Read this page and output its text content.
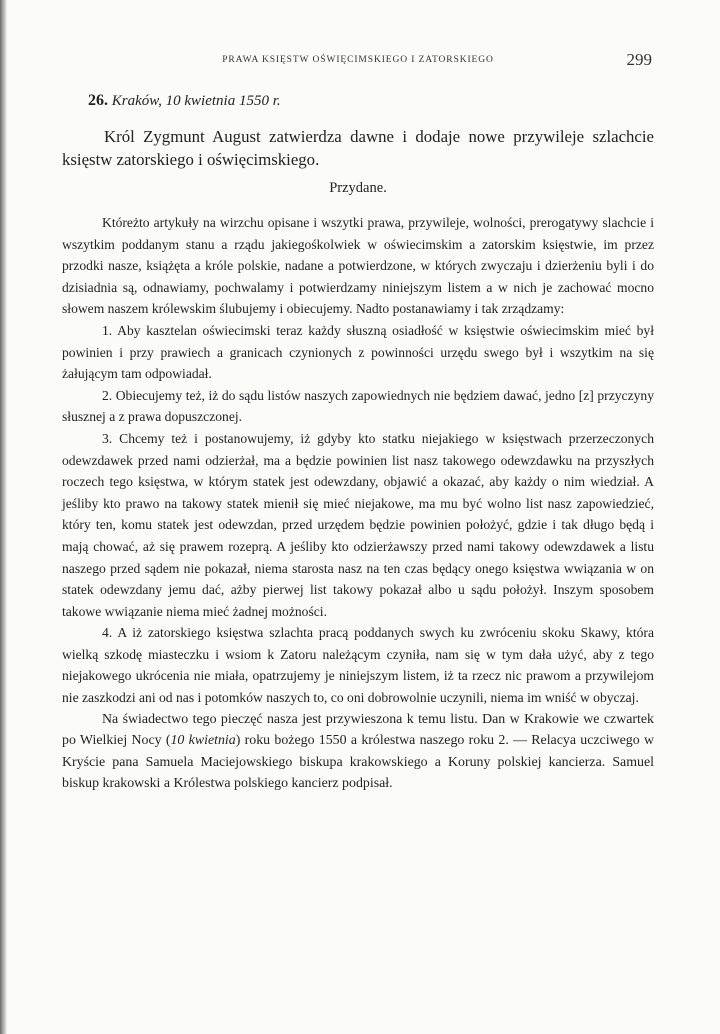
PRAWA KSIĘSTW OŚWIĘCIMSKIEGO I ZATORSKIEGO	299
26. Kraków, 10 kwietnia 1550 r.

Król Zygmunt August zatwierdza dawne i dodaje nowe przywileje szlachcie księstw zatorskiego i oświęcimskiego.

Przydane.

Któreżto artykuły na wirzchu opisane i wszytki prawa, przywileje, wolności, prerogatywy slachcie i wszytkim poddanym stanu a rządu jakiegośkolwiek w oświecimskim a zatorskim księstwie, im przez przodki nasze, książęta a króle polskie, nadane a potwierdzone, w których zwyczaju i dzierżeniu byli i do dzisiadnia są, odnawiamy, pochwalamy i potwierdzamy niniejszym listem a w nich je zachować mocno słowem naszem królewskim ślubujemy i obiecujemy. Nadto postanawiamy i tak zrządzamy:

1. Aby kasztelan oświecimski teraz każdy słuszną osiadłość w księstwie oświecimskim mieć był powinien i przy prawiech a granicach czynionych z powinności urzędu swego był i wszytkim na się żałującym tam odpowiadał.

2. Obiecujemy też, iż do sądu listów naszych zapowiednych nie będziem dawać, jedno [z] przyczyny słusznej a z prawa dopuszczonej.

3. Chcemy też i postanowujemy, iż gdyby kto statku niejakiego w księstwach przerzeczonych odewzdawek przed nami odzierżał, ma a będzie powinien list nasz takowego odewzdawku na przyszłych roczech tego księstwa, w którym statek jest odewzdany, objawić a okazać, aby każdy o nim wiedział. A jeśliby kto prawo na takowy statek mienił się mieć niejakowe, ma mu być wolno list nasz zapowiedzieć, który ten, komu statek jest odewzdan, przed urzędem będzie powinien położyć, gdzie i tak długo będą i mają chować, aż się prawem rozeprą. A jeśliby kto odzierżawszy przed nami takowy odewzdawek a listu naszego przed sądem nie pokazał, niema starosta nasz na ten czas będący onego księstwa wwiązania w on statek odewzdany jemu dać, ażby pierwej list takowy pokazał albo u sądu położył. Inszym sposobem takowe wwiązanie niema mieć żadnej możności.

4. A iż zatorskiego księstwa szlachta pracą poddanych swych ku zwróceniu skoku Skawy, która wielką szkodę miasteczku i wsiom k Zatoru należącym czyniła, nam się w tym dała użyć, aby z tego niejakowego ukrócenia nie miała, opatrzujemy je niniejszym listem, iż ta rzecz nic prawom a przywilejom nie zaszkodzi ani od nas i potomków naszych to, co oni dobrowolnie uczynili, niema im wniść w obyczaj.

Na świadectwo tego pieczęć nasza jest przywieszona k temu listu. Dan w Krakowie we czwartek po Wielkiej Nocy (10 kwietnia) roku bożego 1550 a królestwa naszego roku 2. — Relacya uczciwego w Kryście pana Samuela Maciejowskiego biskupa krakowskiego a Koruny polskiej kancierza. Samuel biskup krakowski a Królestwa polskiego kancierz podpisał.
